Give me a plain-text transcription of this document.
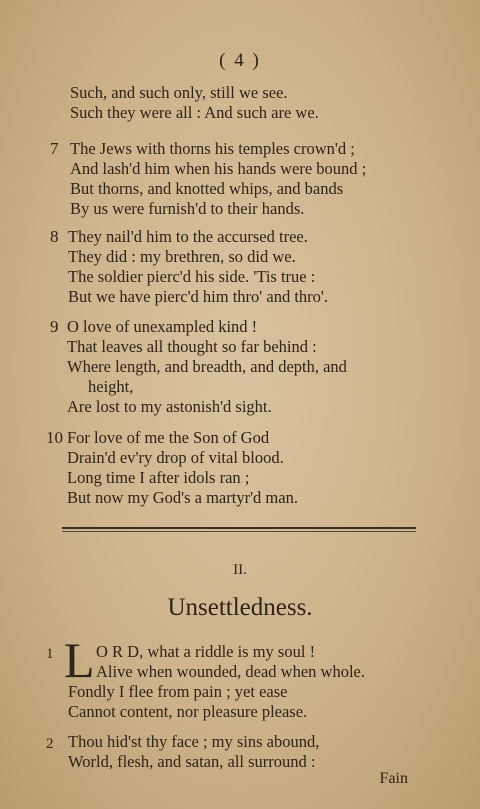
( 4 )
Such, and such only, still we see.
Such they were all : And such are we.
7 The Jews with thorns his temples crown'd ;
And lash'd him when his hands were bound ;
But thorns, and knotted whips, and bands
By us were furnish'd to their hands.
8 They nail'd him to the accursed tree.
They did : my brethren, so did we.
The soldier pierc'd his side. 'Tis true :
But we have pierc'd him thro' and thro'.
9 O love of unexampled kind !
That leaves all thought so far behind :
Where length, and breadth, and depth, and
height,
Are lost to my astonish'd sight.
10 For love of me the Son of God
Drain'd ev'ry drop of vital blood.
Long time I after idols ran ;
But now my God's a martyr'd man.
II.
Unsettledness.
1 L O R D, what a riddle is my soul !
Alive when wounded, dead when whole.
Fondly I flee from pain ; yet ease
Cannot content, nor pleasure please.
2 Thou hid'st thy face ; my sins abound,
World, flesh, and satan, all surround :
Fain
